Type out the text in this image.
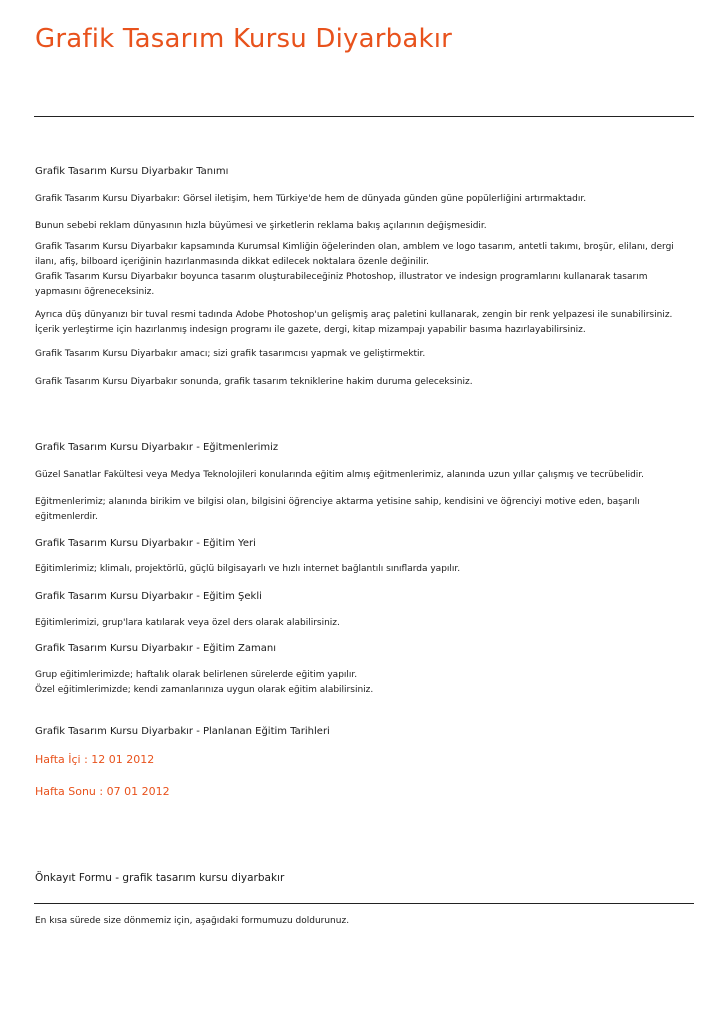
Grafik Tasarım Kursu Diyarbakır

Grafik Tasarım Kursu Diyarbakır Tanımı

Grafik Tasarım Kursu Diyarbakır: Görsel iletişim, hem Türkiye'de hem de dünyada günden güne popülerliğini artırmaktadır.

Bunun sebebi reklam dünyasının hızla büyümesi ve şirketlerin reklama bakış açılarının değişmesidir.

Grafik Tasarım Kursu Diyarbakır kapsamında Kurumsal Kimliğin öğelerinden olan, amblem ve logo tasarım, antetli takımı, broşür, elilanı, dergi
ilanı, afiş, bilboard içeriğinin hazırlanmasında dikkat edilecek noktalara özenle değinilir.
Grafik Tasarım Kursu Diyarbakır boyunca tasarım oluşturabileceğiniz Photoshop, illustrator ve indesign programlarını kullanarak tasarım
yapmasını öğreneceksiniz.
Ayrıca düş dünyanızı bir tuval resmi tadında Adobe Photoshop'un gelişmiş araç paletini kullanarak, zengin bir renk yelpazesi ile sunabilirsiniz.
İçerik yerleştirme için hazırlanmış indesign programı ile gazete, dergi, kitap mizampajı yapabilir basıma hazırlayabilirsiniz.

Grafik Tasarım Kursu Diyarbakır amacı; sizi grafik tasarımcısı yapmak ve geliştirmektir.

Grafik Tasarım Kursu Diyarbakır sonunda, grafik tasarım tekniklerine hakim duruma geleceksiniz.

Grafik Tasarım Kursu Diyarbakır - Eğitmenlerimiz

Güzel Sanatlar Fakültesi veya Medya Teknolojileri konularında eğitim almış eğitmenlerimiz, alanında uzun yıllar çalışmış ve tecrübelidir.

Eğitmenlerimiz; alanında birikim ve bilgisi olan, bilgisini öğrenciye aktarma yetisine sahip, kendisini ve öğrenciyi motive eden, başarılı
eğitmenlerdir.

Grafik Tasarım Kursu Diyarbakır - Eğitim Yeri

Eğitimlerimiz; klimalı, projektörlü, güçlü bilgisayarlı ve hızlı internet bağlantılı sınıflarda yapılır.

Grafik Tasarım Kursu Diyarbakır - Eğitim Şekli

Eğitimlerimizi, grup'lara katılarak veya özel ders olarak alabilirsiniz.

Grafik Tasarım Kursu Diyarbakır - Eğitim Zamanı

Grup eğitimlerimizde; haftalık olarak belirlenen sürelerde eğitim yapılır.
Özel eğitimlerimizde; kendi zamanlarınıza uygun olarak eğitim alabilirsiniz.

Grafik Tasarım Kursu Diyarbakır - Planlanan Eğitim Tarihleri

Hafta İçi : 12 01 2012

Hafta Sonu : 07 01 2012

Önkayıt Formu - grafik tasarım kursu diyarbakır

En kısa sürede size dönmemiz için, aşağıdaki formumuzu doldurunuz.
